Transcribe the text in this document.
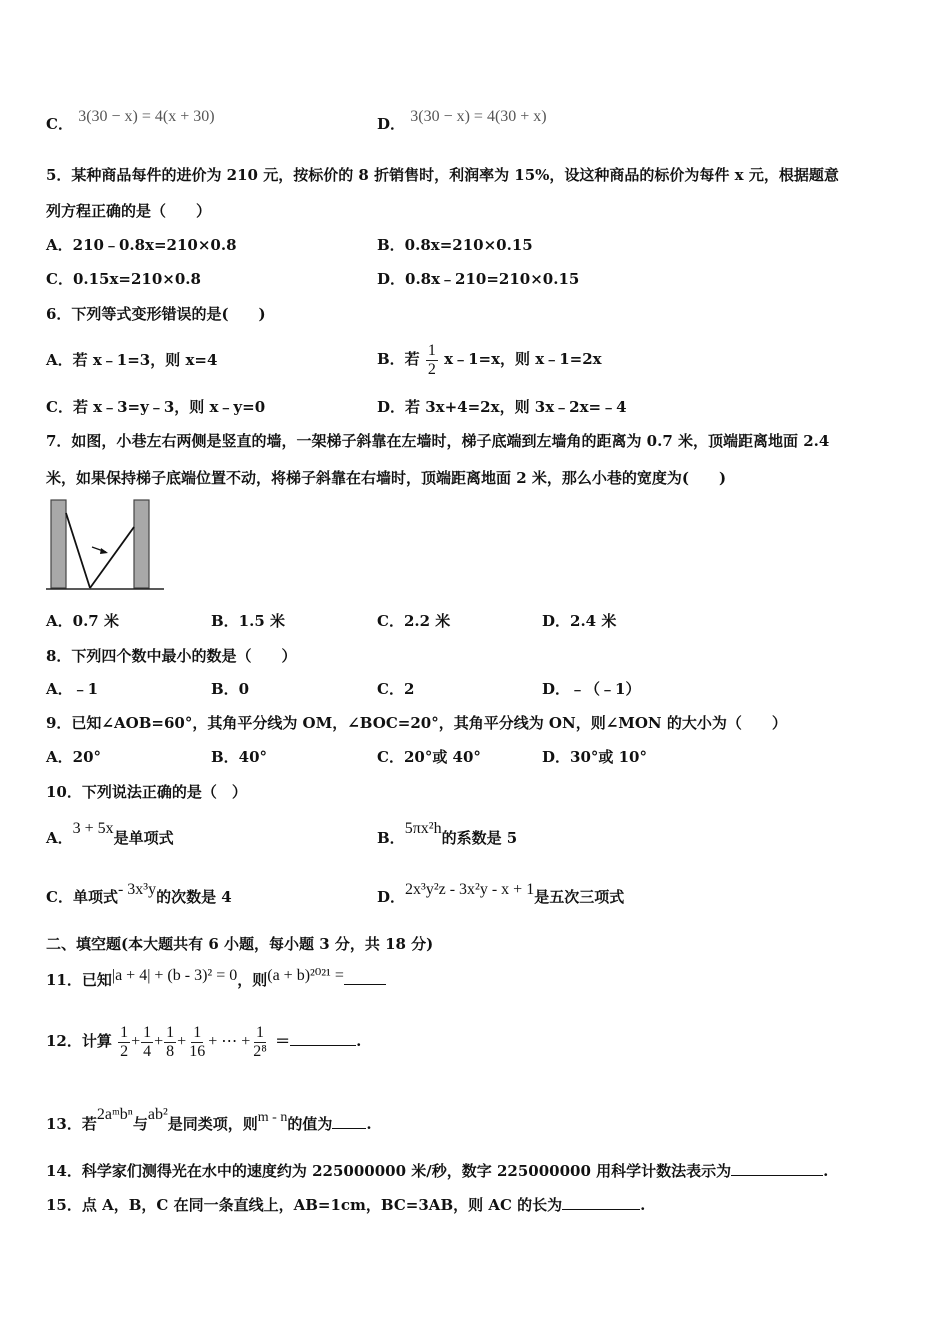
C． 3(30 − x) = 4(x + 30)	D． 3(30 − x) = 4(30 + x)
5．某种商品每件的进价为 210 元，按标价的 8 折销售时，利润率为 15%，设这种商品的标价为每件 x 元，根据题意
列方程正确的是（　　）
A．210﹣0.8x=210×0.8	B．0.8x=210×0.15
C．0.15x=210×0.8	D．0.8x﹣210=210×0.15
6．下列等式变形错误的是(　　)
A．若 x﹣1=3，则 x=4	B．若 $\frac{1}{2}$ x﹣1=x，则 x﹣1=2x
C．若 x﹣3=y﹣3，则 x﹣y=0	D．若 3x+4=2x，则 3x﹣2x=﹣4
7．如图，小巷左右两侧是竖直的墙，一架梯子斜靠在左墙时，梯子底端到左墙角的距离为 0.7 米，顶端距离地面 2.4
米，如果保持梯子底端位置不动，将梯子斜靠在右墙时，顶端距离地面 2 米，那么小巷的宽度为(　　)
A．0.7 米	B．1.5 米	C．2.2 米	D．2.4 米
8．下列四个数中最小的数是（　　）
A．﹣1	B．0	C．2	D．﹣（﹣1）
9．已知∠AOB=60°，其角平分线为 OM，∠BOC=20°，其角平分线为 ON，则∠MON 的大小为（　　）
A．20°	B．40°	C．20°或 40°	D．30°或 10°
10．下列说法正确的是（　）
A．3 + 5x是单项式	B．5πx²h的系数是 5
C．单项式- 3x³y的次数是 4	D．2x³y²z - 3x²y - x + 1是五次三项式
二、填空题(本大题共有 6 小题，每小题 3 分，共 18 分)
11．已知|a + 4| + (b - 3)² = 0，则(a + b)²⁰²¹ =
12．计算 $\frac{1}{2} + \frac{1}{4} + \frac{1}{8} + \frac{1}{16}$ + ⋯ + $\frac{1}{\text{2⁸}}$ ＝	.
13．若2aᵐbⁿ与ab²是同类项，则m - n的值为 .
14．科学家们测得光在水中的速度约为 225000000 米/秒，数字 225000000 用科学计数法表示为	.
15．点 A，B，C 在同一条直线上，AB=1cm，BC=3AB，则 AC 的长为	.
